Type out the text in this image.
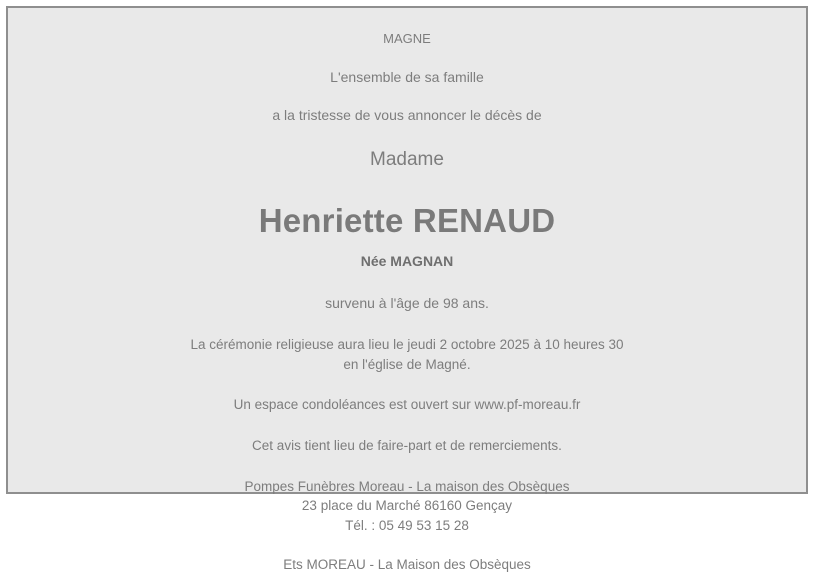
MAGNE
L'ensemble de sa famille
a la tristesse de vous annoncer le décès de
Madame
Henriette RENAUD
Née MAGNAN
survenu à l'âge de 98 ans.
La cérémonie religieuse aura lieu le jeudi 2 octobre 2025 à 10 heures 30
en l'église de Magné.
Un espace condoléances est ouvert sur www.pf-moreau.fr
Cet avis tient lieu de faire-part et de remerciements.
Pompes Funèbres Moreau - La maison des Obsèques
23 place du Marché 86160 Gençay
Tél. : 05 49 53 15 28
Ets MOREAU - La Maison des Obsèques
